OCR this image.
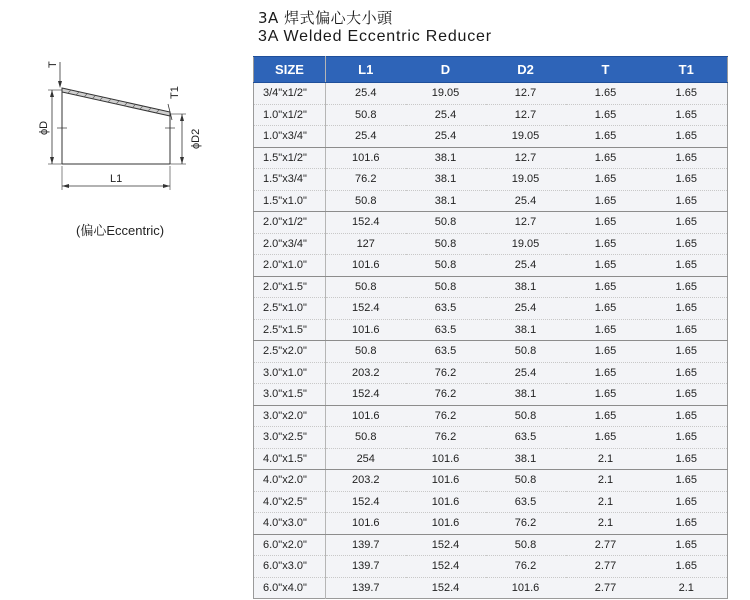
3A 焊式偏心大小頭
3A Welded Eccentric Reducer
T
T1
ϕD
ϕD2
L1
(偏心Eccentric)
SIZE	L1	D	D2	T	T1
3/4"x1/2"	25.4	19.05	12.7	1.65	1.65
1.0"x1/2"	50.8	25.4	12.7	1.65	1.65
1.0"x3/4"	25.4	25.4	19.05	1.65	1.65
1.5"x1/2"	101.6	38.1	12.7	1.65	1.65
1.5"x3/4"	76.2	38.1	19.05	1.65	1.65
1.5"x1.0"	50.8	38.1	25.4	1.65	1.65
2.0"x1/2"	152.4	50.8	12.7	1.65	1.65
2.0"x3/4"	127	50.8	19.05	1.65	1.65
2.0"x1.0"	101.6	50.8	25.4	1.65	1.65
2.0"x1.5"	50.8	50.8	38.1	1.65	1.65
2.5"x1.0"	152.4	63.5	25.4	1.65	1.65
2.5"x1.5"	101.6	63.5	38.1	1.65	1.65
2.5"x2.0"	50.8	63.5	50.8	1.65	1.65
3.0"x1.0"	203.2	76.2	25.4	1.65	1.65
3.0"x1.5"	152.4	76.2	38.1	1.65	1.65
3.0"x2.0"	101.6	76.2	50.8	1.65	1.65
3.0"x2.5"	50.8	76.2	63.5	1.65	1.65
4.0"x1.5"	254	101.6	38.1	2.1	1.65
4.0"x2.0"	203.2	101.6	50.8	2.1	1.65
4.0"x2.5"	152.4	101.6	63.5	2.1	1.65
4.0"x3.0"	101.6	101.6	76.2	2.1	1.65
6.0"x2.0"	139.7	152.4	50.8	2.77	1.65
6.0"x3.0"	139.7	152.4	76.2	2.77	1.65
6.0"x4.0"	139.7	152.4	101.6	2.77	2.1
